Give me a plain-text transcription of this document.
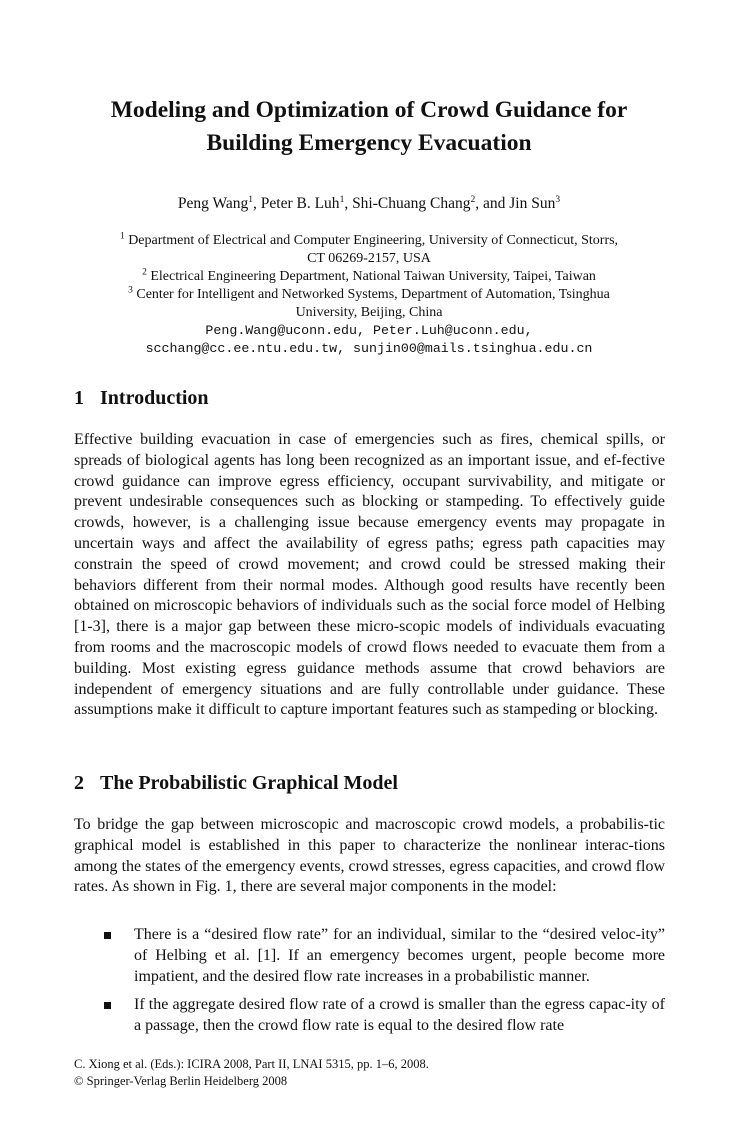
Modeling and Optimization of Crowd Guidance for
Building Emergency Evacuation
Peng Wang$^1$, Peter B. Luh$^1$, Shi-Chuang Chang$^2$, and Jin Sun$^3$
$^1$ Department of Electrical and Computer Engineering, University of Connecticut, Storrs,
CT 06269-2157, USA
$^2$ Electrical Engineering Department, National Taiwan University, Taipei, Taiwan
$^3$ Center for Intelligent and Networked Systems, Department of Automation, Tsinghua
University, Beijing, China
Peng.Wang@uconn.edu, Peter.Luh@uconn.edu,
scchang@cc.ee.ntu.edu.tw, sunjin00@mails.tsinghua.edu.cn
1 Introduction

Effective building evacuation in case of emergencies such as fires, chemical spills, or spreads of biological agents has long been recognized as an important issue, and ef-fective crowd guidance can improve egress efficiency, occupant survivability, and mitigate or prevent undesirable consequences such as blocking or stampeding. To effectively guide crowds, however, is a challenging issue because emergency events may propagate in uncertain ways and affect the availability of egress paths; egress path capacities may constrain the speed of crowd movement; and crowd could be stressed making their behaviors different from their normal modes. Although good results have recently been obtained on microscopic behaviors of individuals such as the social force model of Helbing [1-3], there is a major gap between these micro-scopic models of individuals evacuating from rooms and the macroscopic models of crowd flows needed to evacuate them from a building. Most existing egress guidance methods assume that crowd behaviors are independent of emergency situations and are fully controllable under guidance. These assumptions make it difficult to capture important features such as stampeding or blocking.

2 The Probabilistic Graphical Model

To bridge the gap between microscopic and macroscopic crowd models, a probabilis-tic graphical model is established in this paper to characterize the nonlinear interac-tions among the states of the emergency events, crowd stresses, egress capacities, and crowd flow rates. As shown in Fig. 1, there are several major components in the model:

There is a “desired flow rate” for an individual, similar to the “desired veloc-ity” of Helbing et al. [1]. If an emergency becomes urgent, people become more impatient, and the desired flow rate increases in a probabilistic manner.
If the aggregate desired flow rate of a crowd is smaller than the egress capac-ity of a passage, then the crowd flow rate is equal to the desired flow rate
C. Xiong et al. (Eds.): ICIRA 2008, Part II, LNAI 5315, pp. 1–6, 2008.
© Springer-Verlag Berlin Heidelberg 2008
